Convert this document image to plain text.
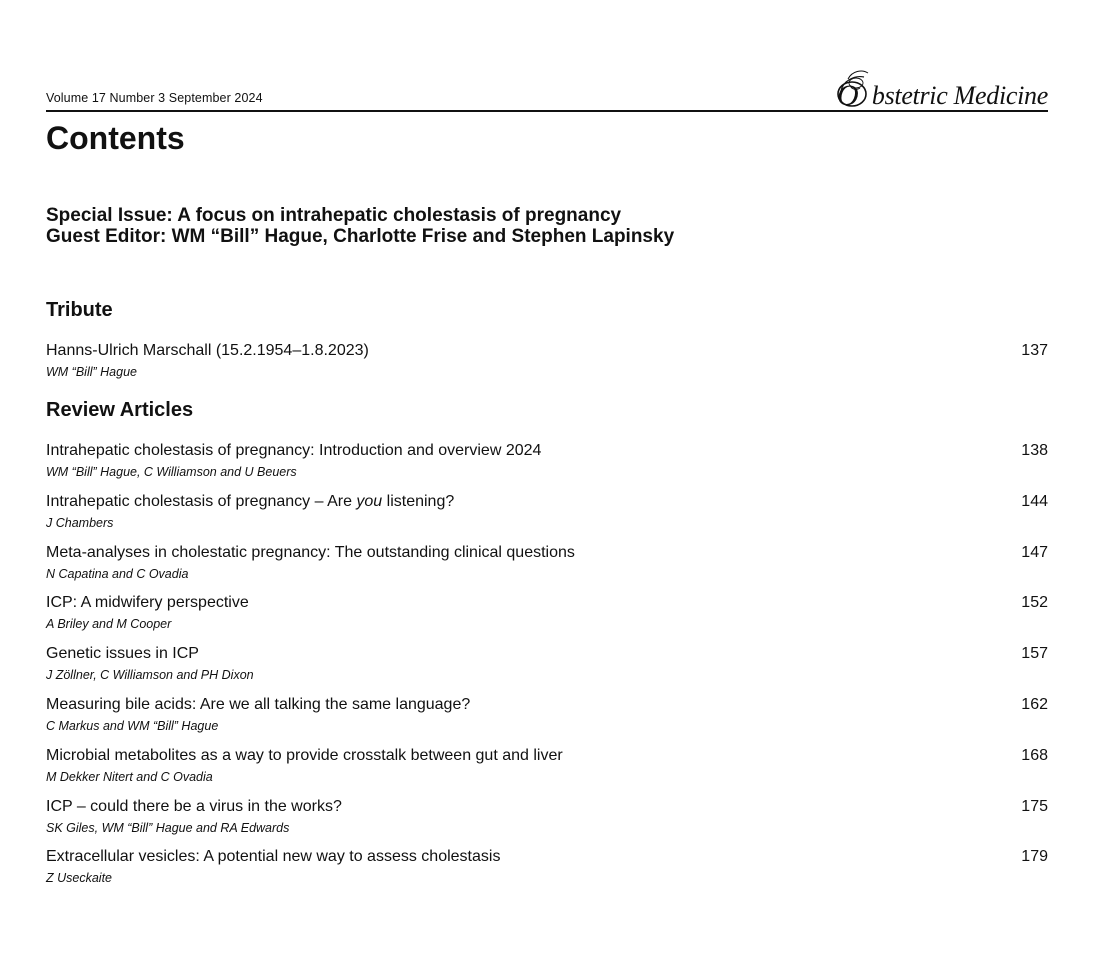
Volume 17 Number 3 September 2024	O bstetric Medicine
Contents
Special Issue: A focus on intrahepatic cholestasis of pregnancy
Guest Editor: WM “Bill” Hague, Charlotte Frise and Stephen Lapinsky
Tribute
Hanns-Ulrich Marschall (15.2.1954–1.8.2023)
WM “Bill” Hague
137
Review Articles
Intrahepatic cholestasis of pregnancy: Introduction and overview 2024
WM “Bill” Hague, C Williamson and U Beuers
138
Intrahepatic cholestasis of pregnancy – Are you listening?
J Chambers
144
Meta-analyses in cholestatic pregnancy: The outstanding clinical questions
N Capatina and C Ovadia
147
ICP: A midwifery perspective
A Briley and M Cooper
152
Genetic issues in ICP
J Zöllner, C Williamson and PH Dixon
157
Measuring bile acids: Are we all talking the same language?
C Markus and WM “Bill” Hague
162
Microbial metabolites as a way to provide crosstalk between gut and liver
M Dekker Nitert and C Ovadia
168
ICP – could there be a virus in the works?
SK Giles, WM “Bill” Hague and RA Edwards
175
Extracellular vesicles: A potential new way to assess cholestasis
Z Useckaite
179
